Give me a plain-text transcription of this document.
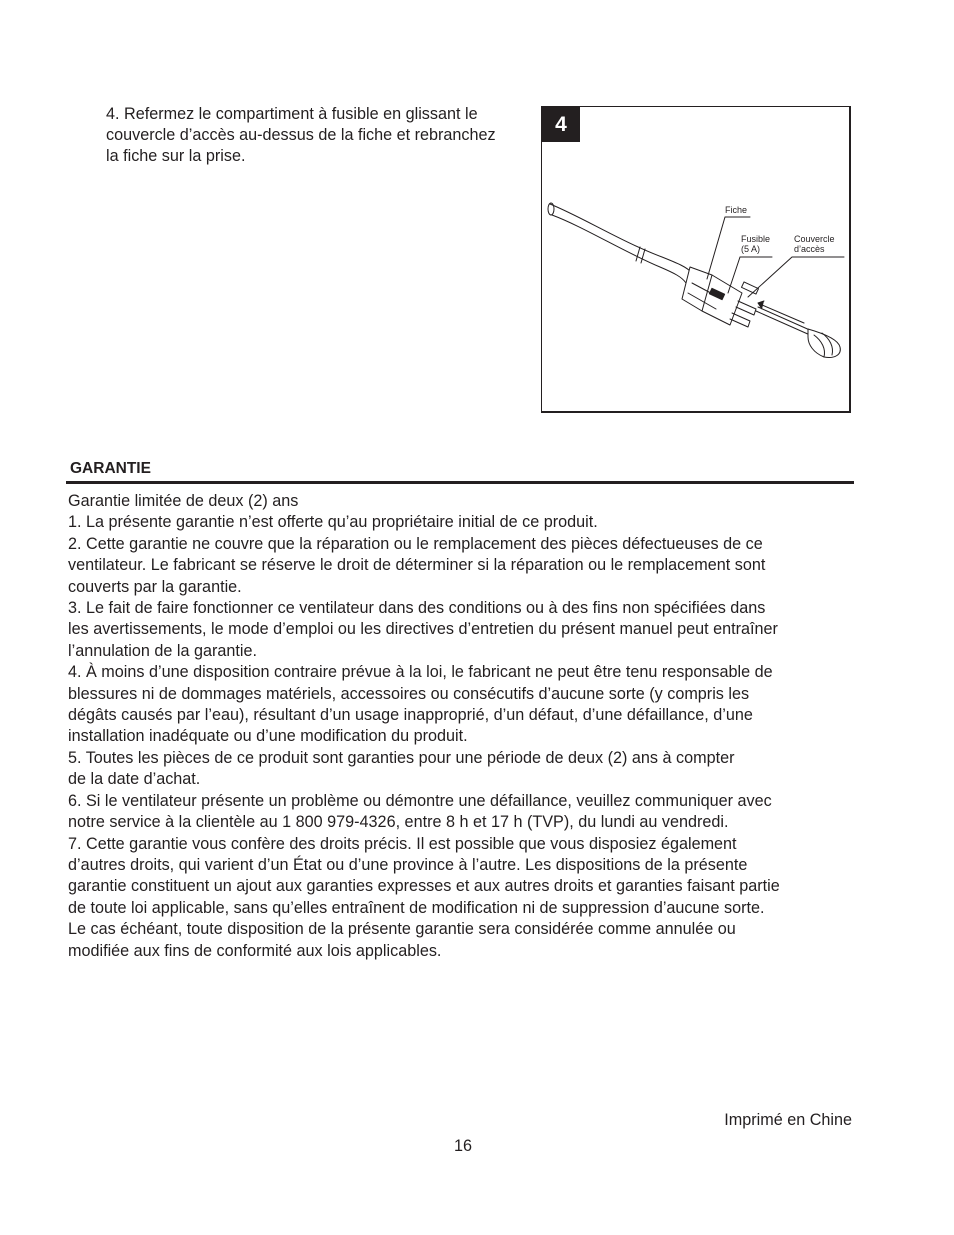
4. Refermez le compartiment à fusible en glissant le

couvercle d’accès au-dessus de la fiche et rebranchez

la fiche sur la prise.

4
Fiche
Fusible
(5 A)
Couvercle
d’accès
GARANTIE

Garantie limitée de deux (2) ans

1. La présente garantie n’est offerte qu’au propriétaire initial de ce produit.

2. Cette garantie ne couvre que la réparation ou le remplacement des pièces défectueuses de ce

ventilateur. Le fabricant se réserve le droit de déterminer si la réparation ou le remplacement sont

couverts par la garantie.

3. Le fait de faire fonctionner ce ventilateur dans des conditions ou à des fins non spécifiées dans

les avertissements, le mode d’emploi ou les directives d’entretien du présent manuel peut entraîner

l’annulation de la garantie.

4. À moins d’une disposition contraire prévue à la loi, le fabricant ne peut être tenu responsable de

blessures ni de dommages matériels, accessoires ou consécutifs d’aucune sorte (y compris les

dégâts causés par l’eau), résultant d’un usage inapproprié, d’un défaut, d’une défaillance, d’une

installation inadéquate ou d’une modification du produit.

5. Toutes les pièces de ce produit sont garanties pour une période de deux (2) ans à compter

de la date d’achat.

6. Si le ventilateur présente un problème ou démontre une défaillance, veuillez communiquer avec

notre service à la clientèle au 1 800 979-4326, entre 8 h et 17 h (TVP), du lundi au vendredi.

7. Cette garantie vous confère des droits précis. Il est possible que vous disposiez également

d’autres droits, qui varient d’un État ou d’une province à l’autre. Les dispositions de la présente

garantie constituent un ajout aux garanties expresses et aux autres droits et garanties faisant partie

de toute loi applicable, sans qu’elles entraînent de modification ni de suppression d’aucune sorte.

Le cas échéant, toute disposition de la présente garantie sera considérée comme annulée ou

modifiée aux fins de conformité aux lois applicables.

Imprimé en Chine
16
